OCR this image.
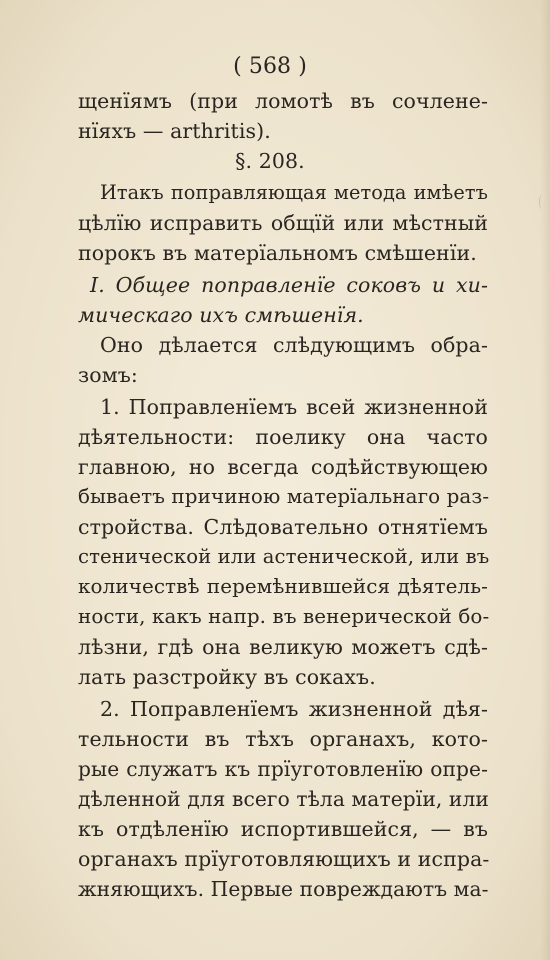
( 568 )
щенїямъ (при ломотѣ въ сочлене-
нїяхъ — arthritis).
§. 208.
Итакъ поправляющая метода имѣетъ
цѣлїю исправить общїй или мѣстный
порокъ въ матерїальномъ смѣшенїи.
I. Общее поправленїе соковъ и хи-
мическаго ихъ смѣшенїя.
Оно дѣлается слѣдующимъ обра-
зомъ:
1. Поправленїемъ всей жизненной
дѣятельности: поелику она часто
главною, но всегда содѣйствующею
бываетъ причиною матерїальнаго раз-
стройства. Слѣдовательно отнятїемъ
стенической или астенической, или въ
количествѣ перемѣнившейся дѣятель-
ности, какъ напр. въ венерической бо-
лѣзни, гдѣ она великую можетъ сдѣ-
лать разстройку въ сокахъ.
2. Поправленїемъ жизненной дѣя-
тельности въ тѣхъ органахъ, кото-
рые служатъ къ прїуготовленїю опре-
дѣленной для всего тѣла матерїи, или
къ отдѣленїю испортившейся, — въ
органахъ прїуготовляющихъ и испра-
жняющихъ. Первые повреждаютъ ма-
